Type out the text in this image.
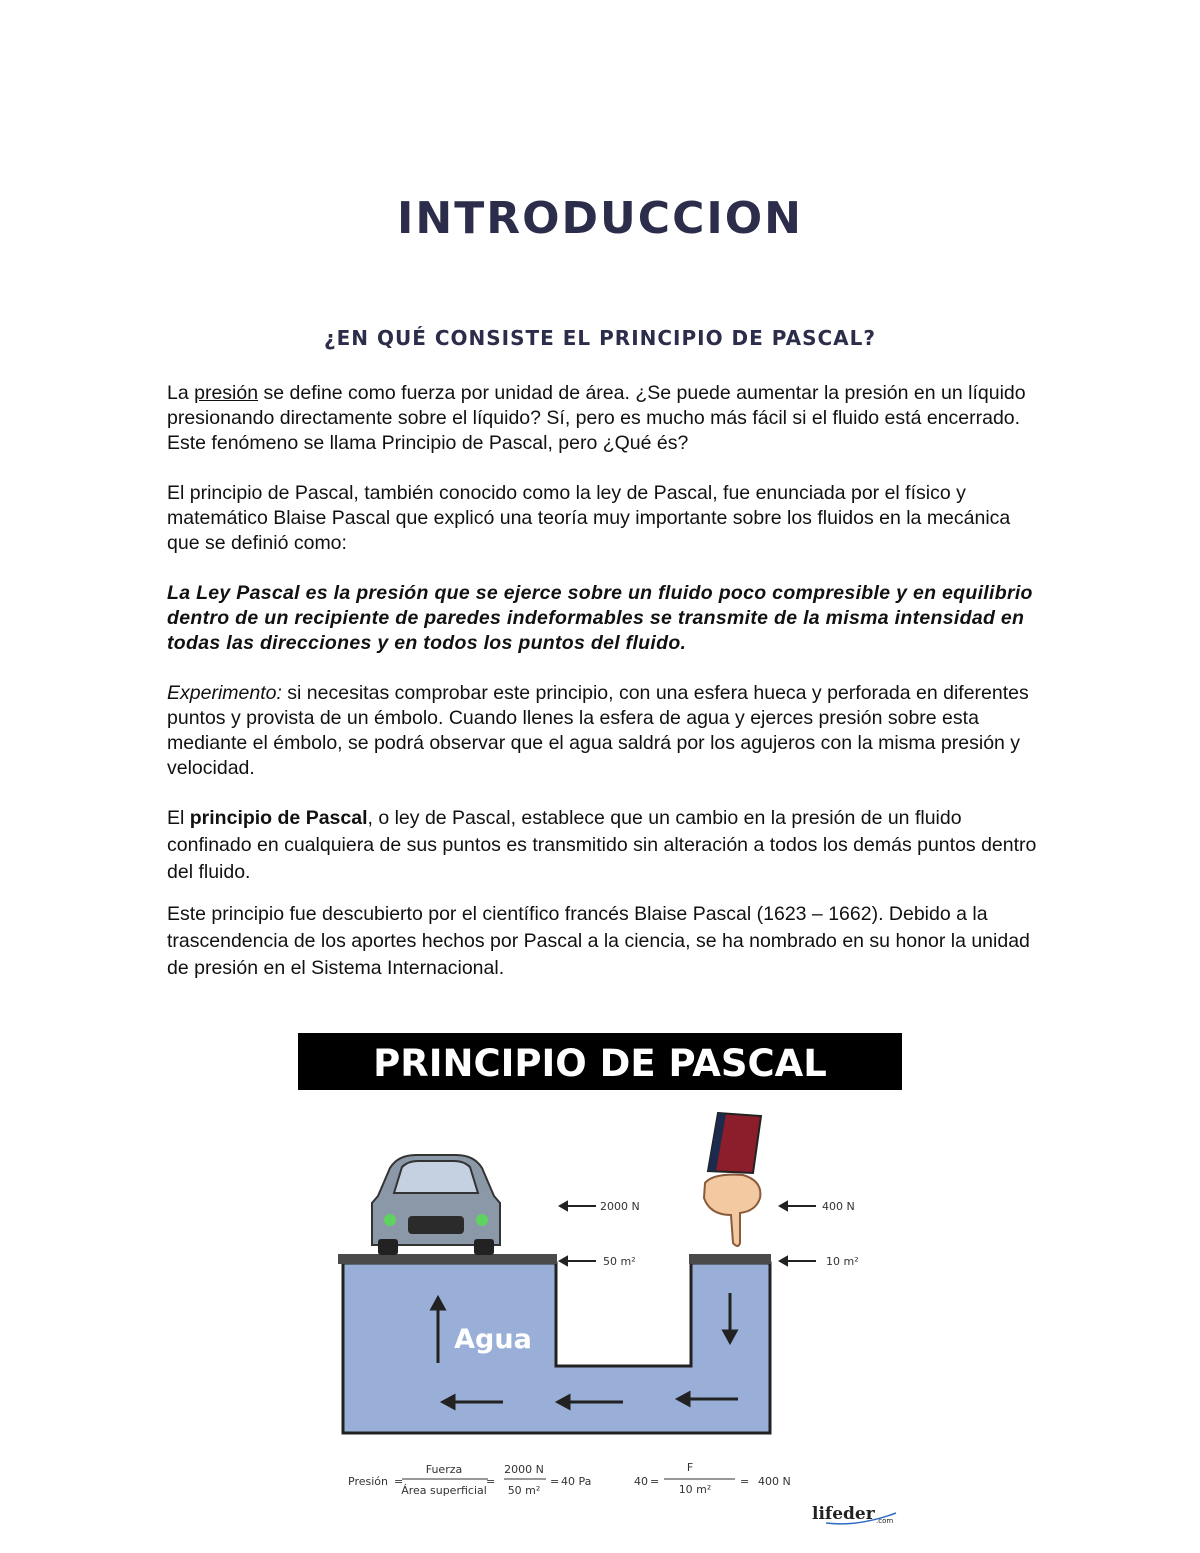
INTRODUCCION
¿EN QUÉ CONSISTE EL PRINCIPIO DE PASCAL?

La presión se define como fuerza por unidad de área. ¿Se puede aumentar la presión en un líquido presionando directamente sobre el líquido? Sí, pero es mucho más fácil si el fluido está encerrado. Este fenómeno se llama Principio de Pascal, pero ¿Qué és?

El principio de Pascal, también conocido como la ley de Pascal, fue enunciada por el físico y matemático Blaise Pascal que explicó una teoría muy importante sobre los fluidos en la mecánica que se definió como:

La Ley Pascal es la presión que se ejerce sobre un fluido poco compresible y en equilibrio dentro de un recipiente de paredes indeformables se transmite de la misma intensidad en todas las direcciones y en todos los puntos del fluido.

Experimento: si necesitas comprobar este principio, con una esfera hueca y perforada en diferentes puntos y provista de un émbolo. Cuando llenes la esfera de agua y ejerces presión sobre esta mediante el émbolo, se podrá observar que el agua saldrá por los agujeros con la misma presión y velocidad.

El principio de Pascal, o ley de Pascal, establece que un cambio en la presión de un fluido confinado en cualquiera de sus puntos es transmitido sin alteración a todos los demás puntos dentro del fluido.

Este principio fue descubierto por el científico francés Blaise Pascal (1623 – 1662). Debido a la trascendencia de los aportes hechos por Pascal a la ciencia, se ha nombrado en su honor la unidad de presión en el Sistema Internacional.

PRINCIPIO DE PASCAL
Agua
2000 N
50 m²
400 N
10 m²
Presión =
Fuerza
Área superficial
=
2000 N
50 m²
= 40 Pa	40 =
F
10 m²
= 400 N
lifeder .com
